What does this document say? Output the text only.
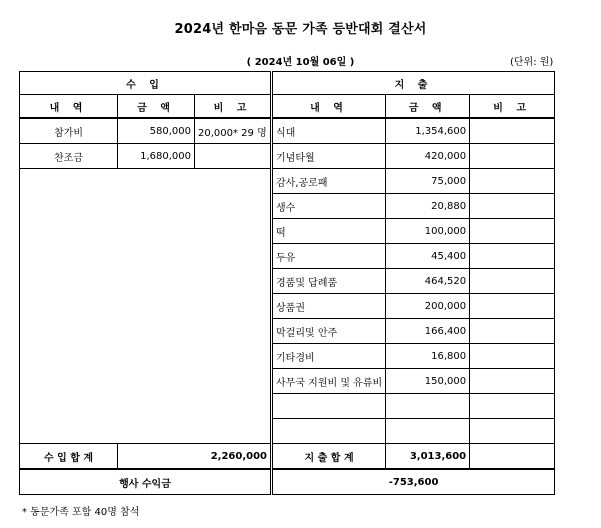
2024년 한마음 동문 가족 등반대회 결산서
( 2024년 10월 06일 )	(단위: 원)
수 입			지 출		
내 역	금 액	비 고	내 역	금 액	비 고
참가비	580,000	20,000* 29 명	식대	1,354,600	
찬조금	1,680,000		기념타월	420,000	
			감사,공로패	75,000	
			생수	20,880	
			떡	100,000	
			두유	45,400	
			경품및 답례품	464,520	
			상품권	200,000	
			막걸리및 안주	166,400	
			기타경비	16,800	
			사무국 지원비 및 유류비	150,000	

수 입 합 계	2,260,000		지 출 합 계	3,013,600	
행사 수익금			-753,600		
* 동문가족 포함 40명 참석
